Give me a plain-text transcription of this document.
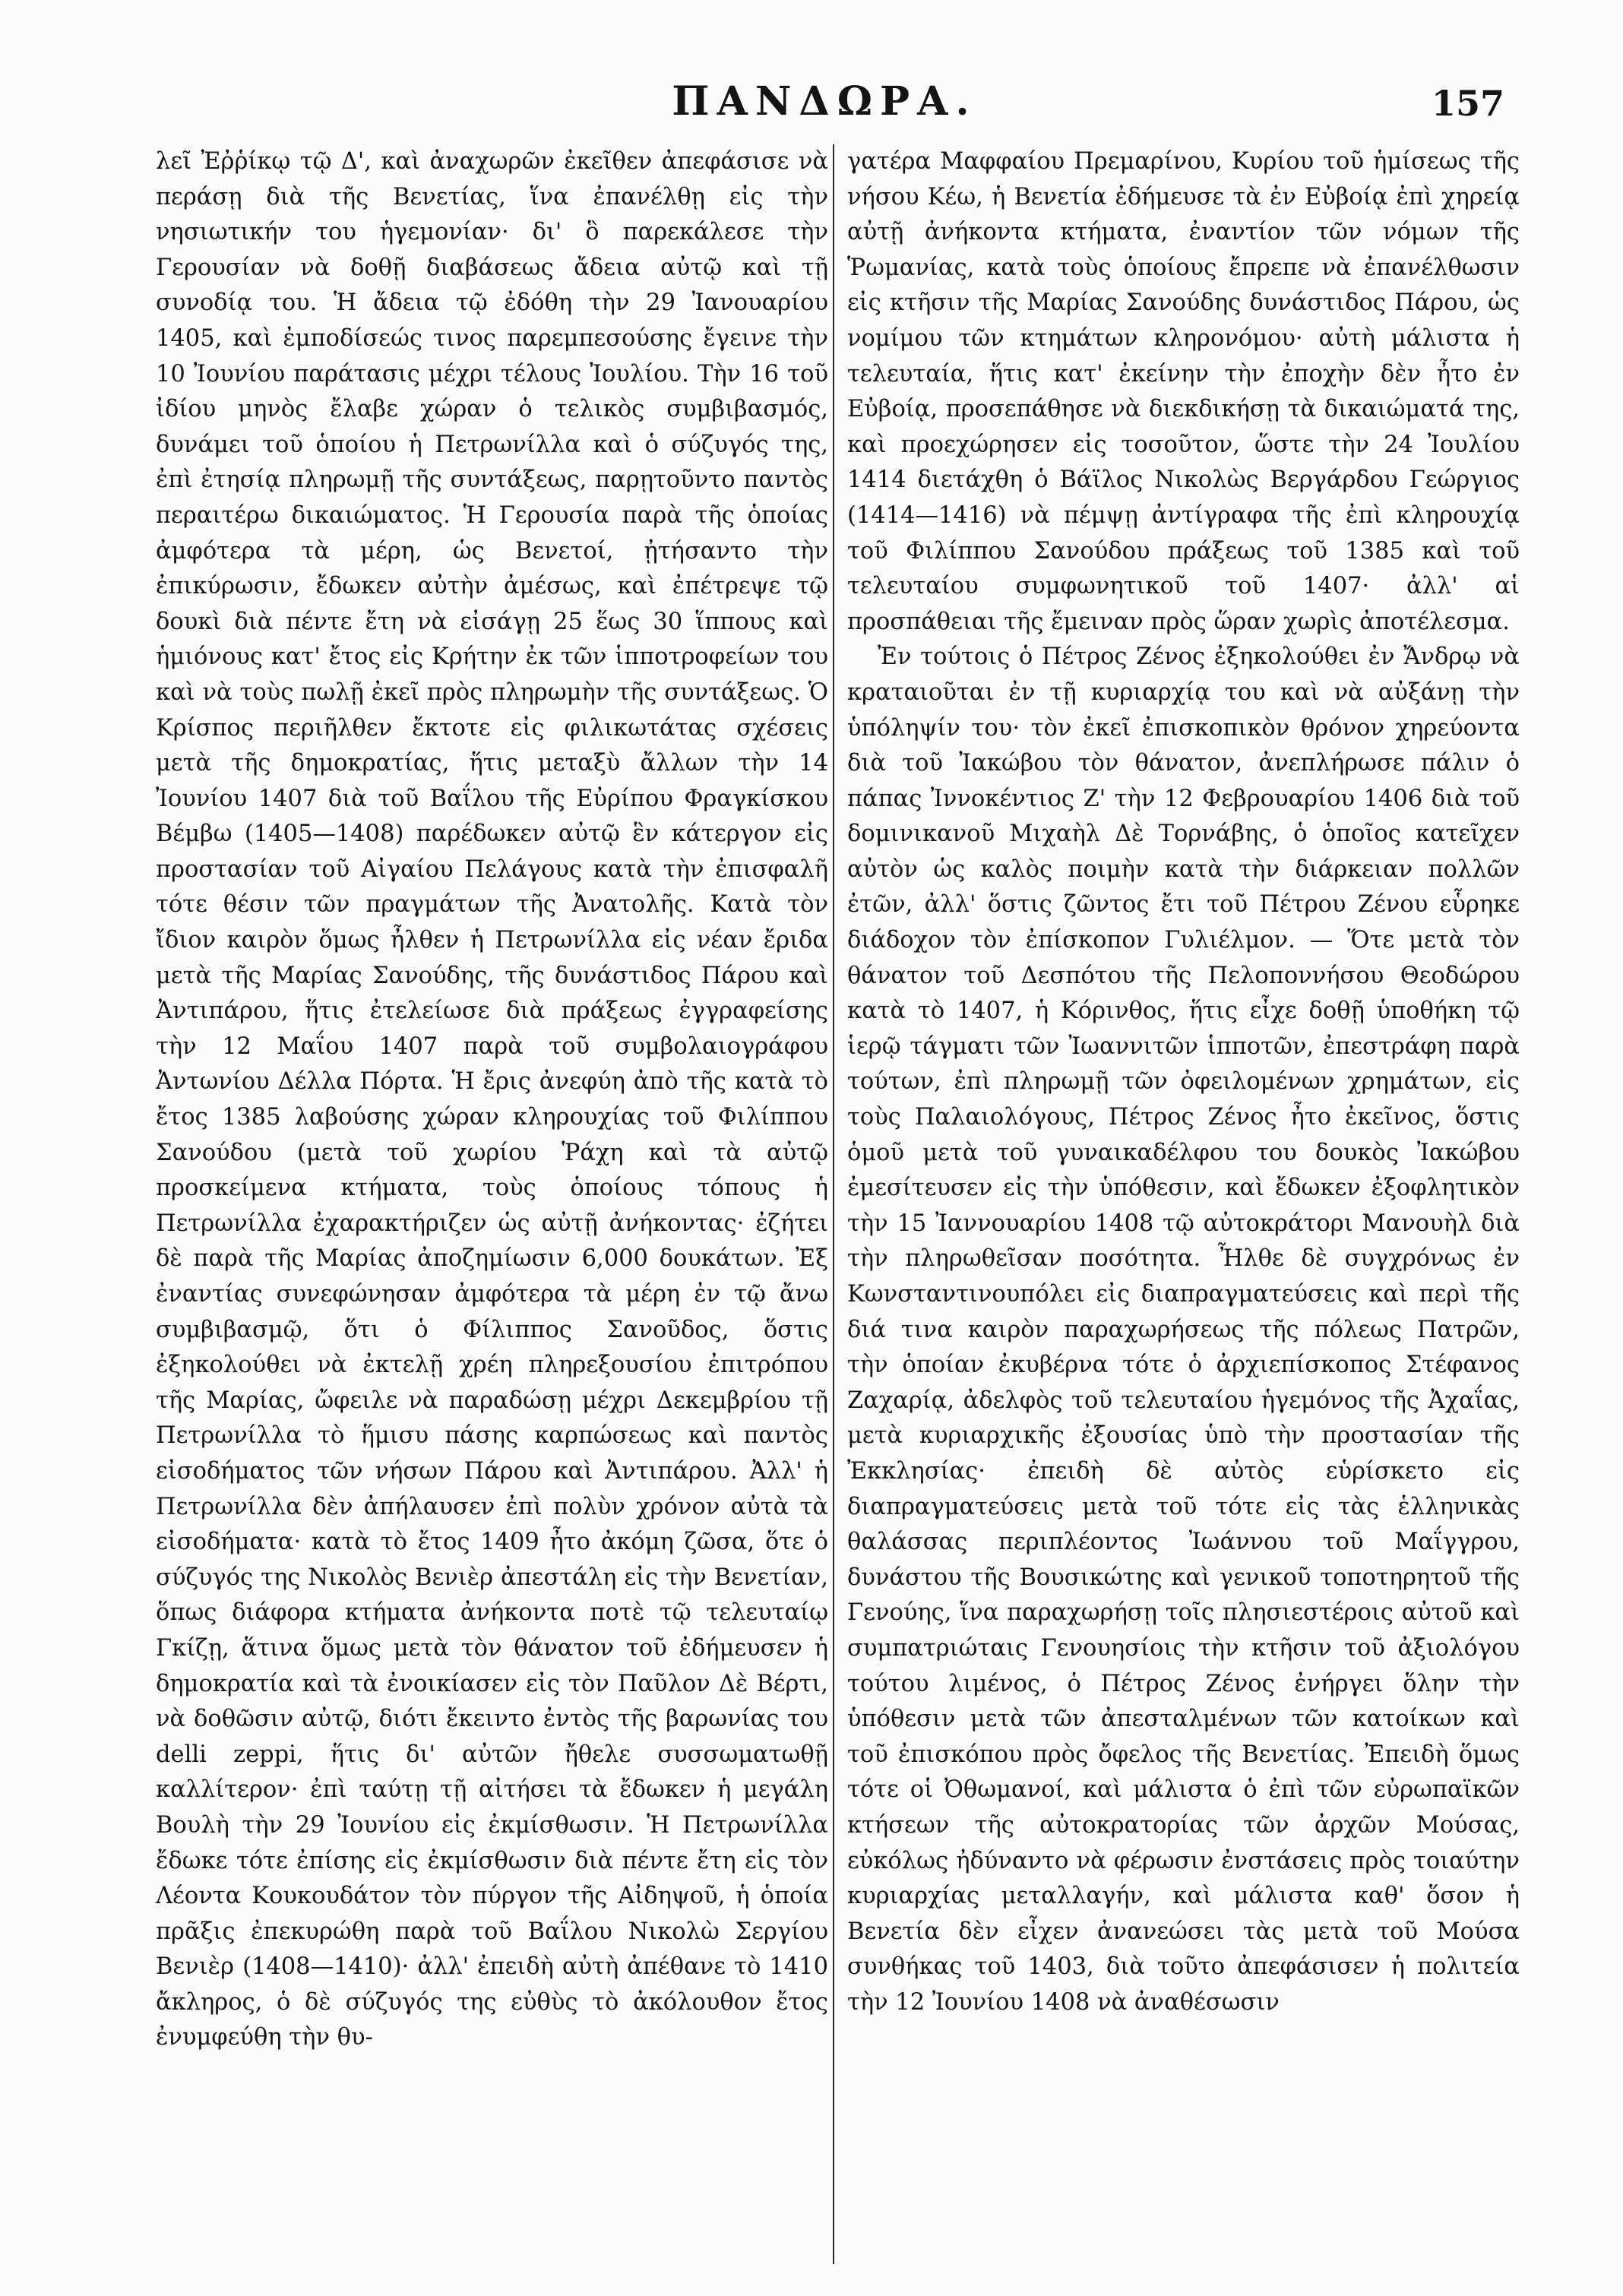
ΠΑΝΔΩΡΑ.	157

λεῖ Ἐῤῥίκῳ τῷ Δ', καὶ ἀναχωρῶν ἐκεῖθεν ἀπεφάσισε νὰ περάσῃ διὰ τῆς Βενετίας, ἵνα ἐπανέλθῃ εἰς τὴν νησιωτικήν του ἡγεμονίαν· δι' ὃ παρεκάλεσε τὴν Γερουσίαν νὰ δοθῇ διαβάσεως ἄδεια αὐτῷ καὶ τῇ συνοδίᾳ του. Ἡ ἄδεια τῷ ἐδόθη τὴν 29 Ἰανουαρίου 1405, καὶ ἐμποδίσεώς τινος παρεμπεσούσης ἔγεινε τὴν 10 Ἰουνίου παράτασις μέχρι τέλους Ἰουλίου. Τὴν 16 τοῦ ἰδίου μηνὸς ἔλαβε χώραν ὁ τελικὸς συμβιβασμός, δυνάμει τοῦ ὁποίου ἡ Πετρωνίλλα καὶ ὁ σύζυγός της, ἐπὶ ἐτησίᾳ πληρωμῇ τῆς συντάξεως, παρῃτοῦντο παντὸς περαιτέρω δικαιώματος. Ἡ Γερουσία παρὰ τῆς ὁποίας ἀμφότερα τὰ μέρη, ὡς Βενετοί, ᾐτήσαντο τὴν ἐπικύρωσιν, ἔδωκεν αὐτὴν ἀμέσως, καὶ ἐπέτρεψε τῷ δουκὶ διὰ πέντε ἔτη νὰ εἰσάγῃ 25 ἕως 30 ἵππους καὶ ἡμιόνους κατ' ἔτος εἰς Κρήτην ἐκ τῶν ἱπποτροφείων του καὶ νὰ τοὺς πωλῇ ἐκεῖ πρὸς πληρωμὴν τῆς συντάξεως. Ὁ Κρίσπος περιῆλθεν ἔκτοτε εἰς φιλικωτάτας σχέσεις μετὰ τῆς δημοκρατίας, ἥτις μεταξὺ ἄλλων τὴν 14 Ἰουνίου 1407 διὰ τοῦ Βαΐλου τῆς Εὐρίπου Φραγκίσκου Βέμβω (1405—1408) παρέδωκεν αὐτῷ ἓν κάτεργον εἰς προστασίαν τοῦ Αἰγαίου Πελάγους κατὰ τὴν ἐπισφαλῆ τότε θέσιν τῶν πραγμάτων τῆς Ἀνατολῆς. Κατὰ τὸν ἴδιον καιρὸν ὅμως ἦλθεν ἡ Πετρωνίλλα εἰς νέαν ἔριδα μετὰ τῆς Μαρίας Σανούδης, τῆς δυνάστιδος Πάρου καὶ Ἀντιπάρου, ἥτις ἐτελείωσε διὰ πράξεως ἐγγραφείσης τὴν 12 Μαΐου 1407 παρὰ τοῦ συμβολαιογράφου Ἀντωνίου Δέλλα Πόρτα. Ἡ ἔρις ἀνεφύη ἀπὸ τῆς κατὰ τὸ ἔτος 1385 λαβούσης χώραν κληρουχίας τοῦ Φιλίππου Σανούδου (μετὰ τοῦ χωρίου Ῥάχη καὶ τὰ αὐτῷ προσκείμενα κτήματα, τοὺς ὁποίους τόπους ἡ Πετρωνίλλα ἐχαρακτήριζεν ὡς αὐτῇ ἀνήκοντας· ἐζήτει δὲ παρὰ τῆς Μαρίας ἀποζημίωσιν 6,000 δουκάτων. Ἐξ ἐναντίας συνεφώνησαν ἀμφότερα τὰ μέρη ἐν τῷ ἄνω συμβιβασμῷ, ὅτι ὁ Φίλιππος Σανοῦδος, ὅστις ἐξηκολούθει νὰ ἐκτελῇ χρέη πληρεξουσίου ἐπιτρόπου τῆς Μαρίας, ὤφειλε νὰ παραδώσῃ μέχρι Δεκεμβρίου τῇ Πετρωνίλλα τὸ ἥμισυ πάσης καρπώσεως καὶ παντὸς εἰσοδήματος τῶν νήσων Πάρου καὶ Ἀντιπάρου. Ἀλλ' ἡ Πετρωνίλλα δὲν ἀπήλαυσεν ἐπὶ πολὺν χρόνον αὐτὰ τὰ εἰσοδήματα· κατὰ τὸ ἔτος 1409 ἦτο ἀκόμη ζῶσα, ὅτε ὁ σύζυγός της Νικολὸς Βενιὲρ ἀπεστάλη εἰς τὴν Βενετίαν, ὅπως διάφορα κτήματα ἀνήκοντα ποτὲ τῷ τελευταίῳ Γκίζῃ, ἅτινα ὅμως μετὰ τὸν θάνατον τοῦ ἐδήμευσεν ἡ δημοκρατία καὶ τὰ ἐνοικίασεν εἰς τὸν Παῦλον Δὲ Βέρτι, νὰ δοθῶσιν αὐτῷ, διότι ἔκειντο ἐντὸς τῆς βαρωνίας του delli zeppi, ἥτις δι' αὐτῶν ἤθελε συσσωματωθῇ καλλίτερον· ἐπὶ ταύτῃ τῇ αἰτήσει τὰ ἔδωκεν ἡ μεγάλη Βουλὴ τὴν 29 Ἰουνίου εἰς ἐκμίσθωσιν. Ἡ Πετρωνίλλα ἔδωκε τότε ἐπίσης εἰς ἐκμίσθωσιν διὰ πέντε ἔτη εἰς τὸν Λέοντα Κουκουδάτον τὸν πύργον τῆς Αἰδηψοῦ, ἡ ὁποία πρᾶξις ἐπεκυρώθη παρὰ τοῦ Βαΐλου Νικολὼ Σεργίου Βενιὲρ (1408—1410)· ἀλλ' ἐπειδὴ αὐτὴ ἀπέθανε τὸ 1410 ἄκληρος, ὁ δὲ σύζυγός της εὐθὺς τὸ ἀκόλουθον ἔτος ἐνυμφεύθη τὴν θυ-

γατέρα Μαφφαίου Πρεμαρίνου, Κυρίου τοῦ ἡμίσεως τῆς νήσου Κέω, ἡ Βενετία ἐδήμευσε τὰ ἐν Εὐβοίᾳ ἐπὶ χηρείᾳ αὐτῇ ἀνήκοντα κτήματα, ἐναντίον τῶν νόμων τῆς Ῥωμανίας, κατὰ τοὺς ὁποίους ἔπρεπε νὰ ἐπανέλθωσιν εἰς κτῆσιν τῆς Μαρίας Σανούδης δυνάστιδος Πάρου, ὡς νομίμου τῶν κτημάτων κληρονόμου· αὐτὴ μάλιστα ἡ τελευταία, ἥτις κατ' ἐκείνην τὴν ἐποχὴν δὲν ἦτο ἐν Εὐβοίᾳ, προσεπάθησε νὰ διεκδικήσῃ τὰ δικαιώματά της, καὶ προεχώρησεν εἰς τοσοῦτον, ὥστε τὴν 24 Ἰουλίου 1414 διετάχθη ὁ Βάϊλος Νικολὼς Βεργάρδου Γεώργιος (1414—1416) νὰ πέμψῃ ἀντίγραφα τῆς ἐπὶ κληρουχίᾳ τοῦ Φιλίππου Σανούδου πράξεως τοῦ 1385 καὶ τοῦ τελευταίου συμφωνητικοῦ τοῦ 1407· ἀλλ' αἱ προσπάθειαι τῆς ἔμειναν πρὸς ὥραν χωρὶς ἀποτέλεσμα.

Ἐν τούτοις ὁ Πέτρος Ζένος ἐξηκολούθει ἐν Ἄνδρῳ νὰ κραταιοῦται ἐν τῇ κυριαρχίᾳ του καὶ νὰ αὐξάνῃ τὴν ὑπόληψίν του· τὸν ἐκεῖ ἐπισκοπικὸν θρόνον χηρεύοντα διὰ τοῦ Ἰακώβου τὸν θάνατον, ἀνεπλήρωσε πάλιν ὁ πάπας Ἰννοκέντιος Ζ' τὴν 12 Φεβρουαρίου 1406 διὰ τοῦ δομινικανοῦ Μιχαὴλ Δὲ Τορνάβης, ὁ ὁποῖος κατεῖχεν αὐτὸν ὡς καλὸς ποιμὴν κατὰ τὴν διάρκειαν πολλῶν ἐτῶν, ἀλλ' ὅστις ζῶντος ἔτι τοῦ Πέτρου Ζένου εὗρηκε διάδοχον τὸν ἐπίσκοπον Γυλιέλμον. — Ὅτε μετὰ τὸν θάνατον τοῦ Δεσπότου τῆς Πελοποννήσου Θεοδώρου κατὰ τὸ 1407, ἡ Κόρινθος, ἥτις εἶχε δοθῇ ὑποθήκη τῷ ἱερῷ τάγματι τῶν Ἰωαννιτῶν ἱπποτῶν, ἐπεστράφη παρὰ τούτων, ἐπὶ πληρωμῇ τῶν ὀφειλομένων χρημάτων, εἰς τοὺς Παλαιολόγους, Πέτρος Ζένος ἦτο ἐκεῖνος, ὅστις ὁμοῦ μετὰ τοῦ γυναικαδέλφου του δουκὸς Ἰακώβου ἐμεσίτευσεν εἰς τὴν ὑπόθεσιν, καὶ ἔδωκεν ἐξοφλητικὸν τὴν 15 Ἰαννουαρίου 1408 τῷ αὐτοκράτορι Μανουὴλ διὰ τὴν πληρωθεῖσαν ποσότητα. Ἦλθε δὲ συγχρόνως ἐν Κωνσταντινουπόλει εἰς διαπραγματεύσεις καὶ περὶ τῆς διά τινα καιρὸν παραχωρήσεως τῆς πόλεως Πατρῶν, τὴν ὁποίαν ἐκυβέρνα τότε ὁ ἀρχιεπίσκοπος Στέφανος Ζαχαρίᾳ, ἀδελφὸς τοῦ τελευταίου ἡγεμόνος τῆς Ἀχαΐας, μετὰ κυριαρχικῆς ἐξουσίας ὑπὸ τὴν προστασίαν τῆς Ἐκκλησίας· ἐπειδὴ δὲ αὐτὸς εὑρίσκετο εἰς διαπραγματεύσεις μετὰ τοῦ τότε εἰς τὰς ἑλληνικὰς θαλάσσας περιπλέοντος Ἰωάννου τοῦ Μαΐγγρου, δυνάστου τῆς Βουσικώτης καὶ γενικοῦ τοποτηρητοῦ τῆς Γενούης, ἵνα παραχωρήσῃ τοῖς πλησιεστέροις αὐτοῦ καὶ συμπατριώταις Γενουησίοις τὴν κτῆσιν τοῦ ἀξιολόγου τούτου λιμένος, ὁ Πέτρος Ζένος ἐνήργει ὅλην τὴν ὑπόθεσιν μετὰ τῶν ἀπεσταλμένων τῶν κατοίκων καὶ τοῦ ἐπισκόπου πρὸς ὄφελος τῆς Βενετίας. Ἐπειδὴ ὅμως τότε οἱ Ὀθωμανοί, καὶ μάλιστα ὁ ἐπὶ τῶν εὐρωπαϊκῶν κτήσεων τῆς αὐτοκρατορίας τῶν ἀρχῶν Μούσας, εὐκόλως ἠδύναντο νὰ φέρωσιν ἐνστάσεις πρὸς τοιαύτην κυριαρχίας μεταλλαγήν, καὶ μάλιστα καθ' ὅσον ἡ Βενετία δὲν εἶχεν ἀνανεώσει τὰς μετὰ τοῦ Μούσα συνθήκας τοῦ 1403, διὰ τοῦτο ἀπεφάσισεν ἡ πολιτεία τὴν 12 Ἰουνίου 1408 νὰ ἀναθέσωσιν
